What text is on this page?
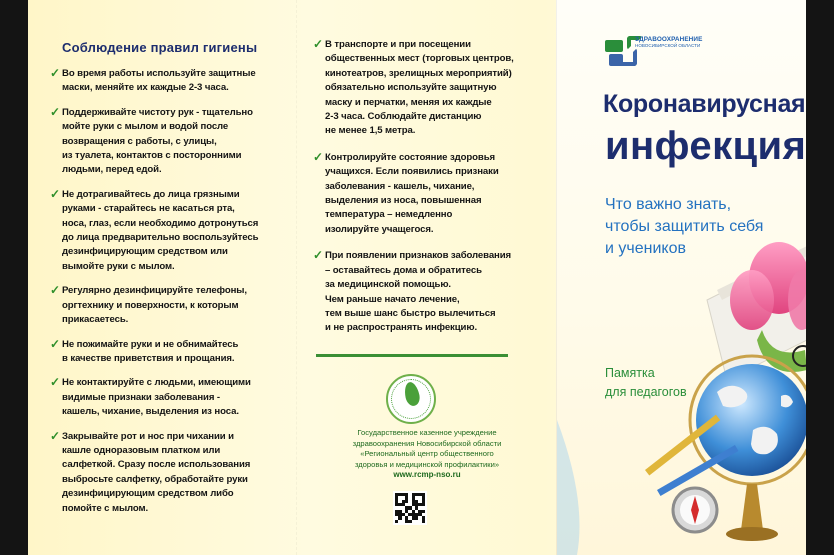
Соблюдение правил гигиены
✓ Во время работы используйте защитные
маски, меняйте их каждые 2-3 часа.
✓ Поддерживайте чистоту рук - тщательно
мойте руки с мылом и водой после
возвращения с работы, с улицы,
из туалета, контактов с посторонними
людьми, перед едой.
✓ Не дотрагивайтесь до лица грязными
руками - старайтесь не касаться рта,
носа, глаз, если необходимо дотронуться
до лица предварительно воспользуйтесь
дезинфицирующим средством или
вымойте руки с мылом.
✓ Регулярно дезинфицируйте телефоны,
оргтехнику и поверхности, к которым
прикасаетесь.
✓ Не пожимайте руки и не обнимайтесь
в качестве приветствия и прощания.
✓ Не контактируйте с людьми, имеющими
видимые признаки заболевания -
кашель, чихание, выделения из носа.
✓ Закрывайте рот и нос при чихании и
кашле одноразовым платком или
салфеткой. Сразу после использования
выбросьте салфетку, обработайте руки
дезинфицирующим средством либо
помойте с мылом.
✓ В транспорте и при посещении
общественных мест (торговых центров,
кинотеатров, зрелищных мероприятий)
обязательно используйте защитную
маску и перчатки, меняя их каждые
2-3 часа. Соблюдайте дистанцию
не менее 1,5 метра.
✓ Контролируйте состояние здоровья
учащихся. Если появились признаки
заболевания - кашель, чихание,
выделения из носа, повышенная
температура – немедленно
изолируйте учащегося.
✓ При появлении признаков заболевания
– оставайтесь дома и обратитесь
за медицинской помощью.
Чем раньше начато лечение,
тем выше шанс быстро вылечиться
и не распространять инфекцию.
Государственное казенное учреждение
здравоохранения Новосибирской области
«Региональный центр общественного
здоровья и медицинской профилактики»
www.rcmp-nso.ru
ЗДРАВООХРАНЕНИЕ
НОВОСИБИРСКОЙ ОБЛАСТИ
Коронавирусная
инфекция
Что важно знать,
чтобы защитить себя
и учеников
Памятка
для педагогов
